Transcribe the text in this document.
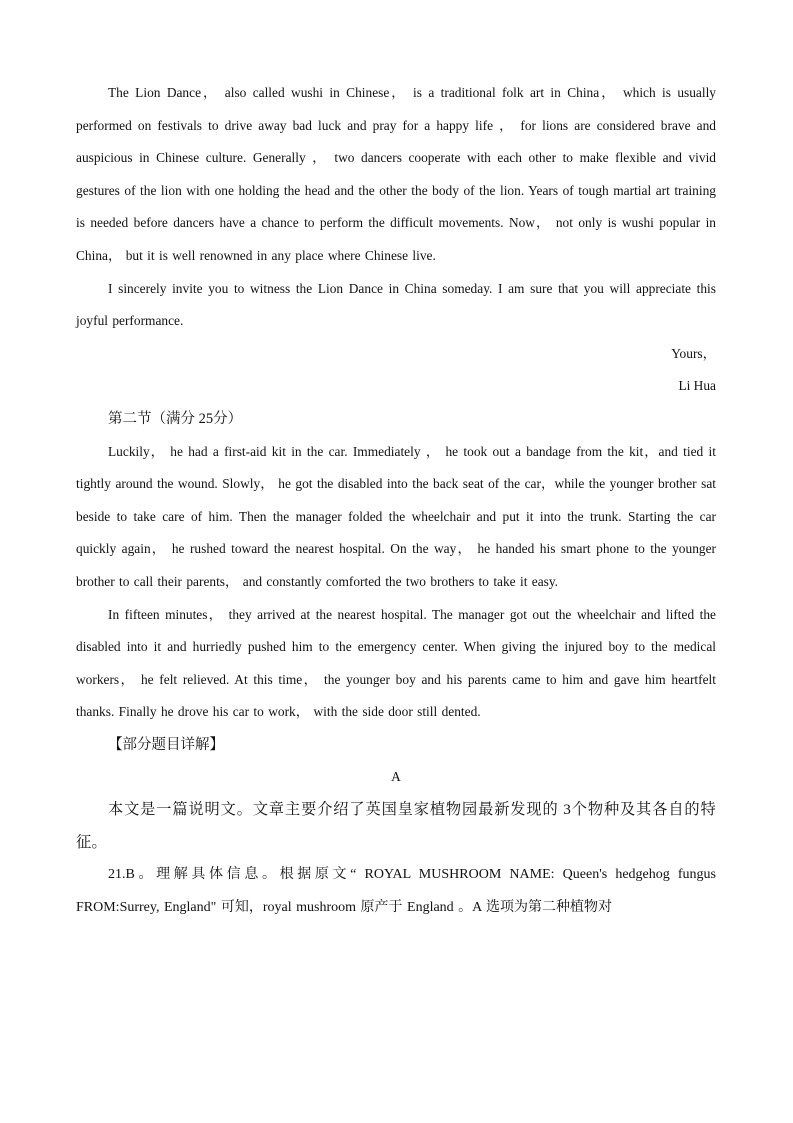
The Lion Dance， also called wushi in Chinese， is a traditional folk art in China， which is usually performed on festivals to drive away bad luck and pray for a happy life ， for lions are considered brave and auspicious in Chinese culture. Generally ， two dancers cooperate with each other to make flexible and vivid gestures of the lion with one holding the head and the other the body of the lion. Years of tough martial art training is needed before dancers have a chance to perform the difficult movements. Now， not only is wushi popular in China， but it is well renowned in any place where Chinese live.

I sincerely invite you to witness the Lion Dance in China someday. I am sure that you will appreciate this joyful performance.

Yours，

Li Hua

第二节（满分 25分）

Luckily， he had a first-aid kit in the car. Immediately ， he took out a bandage from the kit，and tied it tightly around the wound. Slowly， he got the disabled into the back seat of the car，while the younger brother sat beside to take care of him. Then the manager folded the wheelchair and put it into the trunk. Starting the car quickly again， he rushed toward the nearest hospital. On the way， he handed his smart phone to the younger brother to call their parents， and constantly comforted the two brothers to take it easy.

In fifteen minutes， they arrived at the nearest hospital. The manager got out the wheelchair and lifted the disabled into it and hurriedly pushed him to the emergency center. When giving the injured boy to the medical workers， he felt relieved. At this time， the younger boy and his parents came to him and gave him heartfelt thanks. Finally he drove his car to work， with the side door still dented.

【部分题目详解】

A

本文是一篇说明文。文章主要介绍了英国皇家植物园最新发现的 3个物种及其各自的特征。

21.B。理解具体信息。根据原文“ ROYAL MUSHROOM NAME: Queen's hedgehog fungus FROM:Surrey, England" 可知，royal mushroom 原产于 England 。A 选项为第二种植物对
